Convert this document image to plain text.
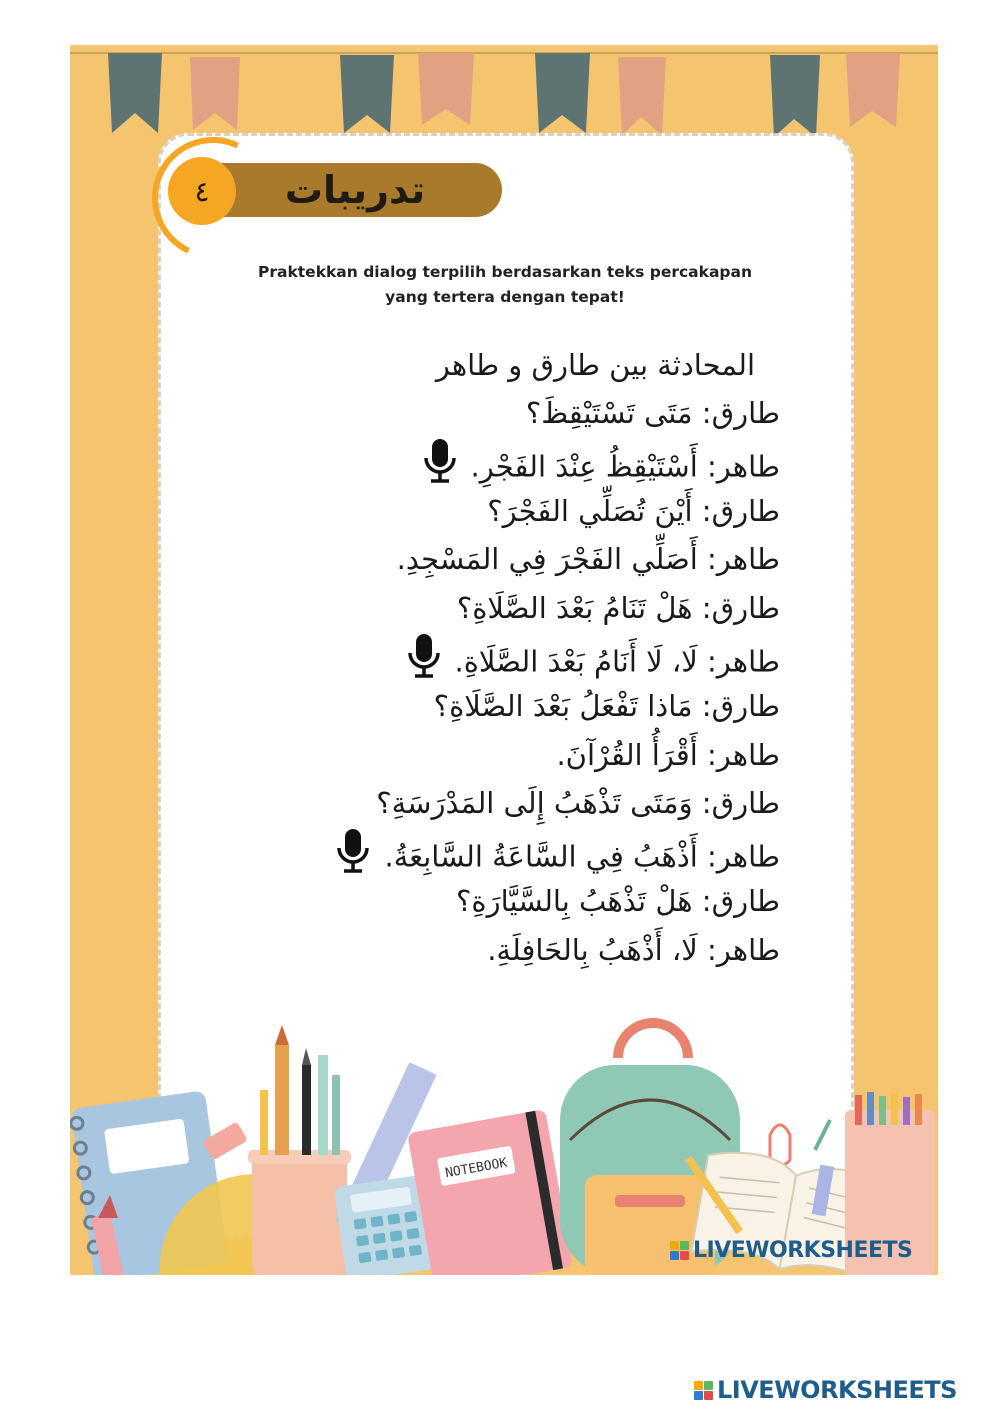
تدريبات
٤
Praktekkan dialog terpilih berdasarkan teks percakapan
yang tertera dengan tepat!
المحادثة بين طارق و طاهر
طارق: مَتَى تَسْتَيْقِظَ؟
طاهر: أَسْتَيْقِظُ عِنْدَ الفَجْرِ.
طارق: أَيْنَ تُصَلِّي الفَجْرَ؟
طاهر: أَصَلِّي الفَجْرَ فِي المَسْجِدِ.
طارق: هَلْ تَنَامُ بَعْدَ الصَّلَاةِ؟
طاهر: لَا، لَا أَنَامُ بَعْدَ الصَّلَاةِ.
طارق: مَاذا تَفْعَلُ بَعْدَ الصَّلَاةِ؟
طاهر: أَقْرَأُ القُرْآنَ.
طارق: وَمَتَى تَذْهَبُ إِلَى المَدْرَسَةِ؟
طاهر: أَذْهَبُ فِي السَّاعَةُ السَّابِعَةُ.
طارق: هَلْ تَذْهَبُ بِالسَّيَّارَةِ؟
طاهر: لَا، أَذْهَبُ بِالحَافِلَةِ.
NOTEBOOK
LIVEWORKSHEETS
LIVEWORKSHEETS
